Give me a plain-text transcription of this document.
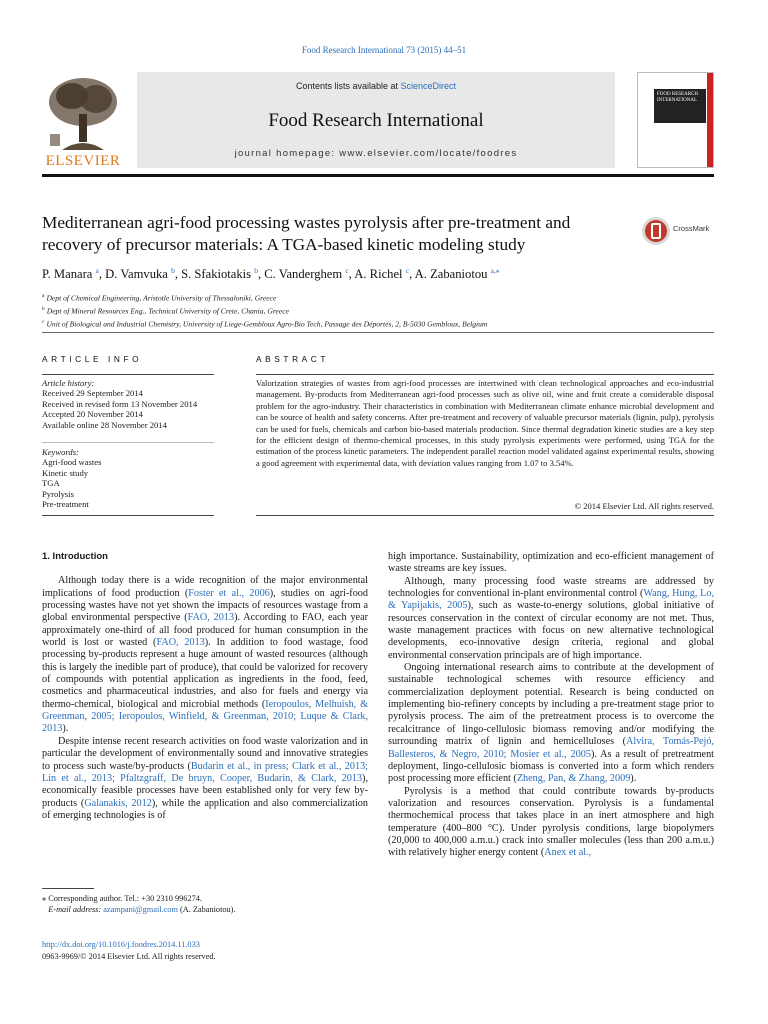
Food Research International 73 (2015) 44–51
ELSEVIER
Contents lists available at ScienceDirect
Food Research International
journal homepage: www.elsevier.com/locate/foodres
FOOD RESEARCH INTERNATIONAL
Mediterranean agri-food processing wastes pyrolysis after pre-treatment and recovery of precursor materials: A TGA-based kinetic modeling study
CrossMark
P. Manara $^a$, D. Vamvuka $^b$, S. Sfakiotakis $^b$, C. Vanderghem $^c$, A. Richel $^c$, A. Zabaniotou $^{a,⁎}$
$^a$ Dept of Chemical Engineering, Aristotle University of Thessaloniki, Greece
$^b$ Dept of Mineral Resources Eng., Technical University of Crete, Chania, Greece
$^c$ Unit of Biological and Industrial Chemistry, University of Liege-Gembloux Agro-Bio Tech, Passage des Déportés, 2, B-5030 Gembloux, Belgium
ARTICLE INFO	ABSTRACT
Article history:
Received 29 September 2014
Received in revised form 13 November 2014
Accepted 20 November 2014
Available online 28 November 2014
Keywords:
Agri-food wastes
Kinetic study
TGA
Pyrolysis
Pre-treatment
Valorization strategies of wastes from agri-food processes are intertwined with clean technological approaches and eco-industrial management. By-products from Mediterranean agri-food processes such as olive oil, wine and fruit create a considerable disposal problem for the agro-industry. Their characteristics in combination with Mediterranean climate enhance microbial development and can be source of health and safety concerns. After pre-treatment and recovery of valuable precursor materials (lignin, pulp), pyrolysis can be used for fuels, chemicals and carbon bio-based materials production. Since thermal degradation kinetic studies are a key step for the efficient design of thermo-chemical processes, in this study pyrolysis experiments were performed, using TGA for the estimation of the process kinetic parameters. The independent parallel reaction model validated against experimental results, showing a good agreement with experimental data, with deviation values ranging from 1.07 to 3.54%.
© 2014 Elsevier Ltd. All rights reserved.
1. Introduction

Although today there is a wide recognition of the major environmental implications of food production (Foster et al., 2006), studies on agri-food processing wastes have not yet shown the impacts of resources wastage from a global environmental perspective (FAO, 2013). According to FAO, each year approximately one-third of all food produced for human consumption in the world is lost or wasted (FAO, 2013). In addition to food wastage, food processing by-products represent a huge amount of wasted resources (although this is largely the inedible part of produce), that could be valorized for recovery of compounds with potential application as ingredients in the food, feed, cosmetics and pharmaceutical industries, and also for fuels and energy via thermo-chemical, biological and microbial methods (Ieropoulos, Melhuish, & Greenman, 2005; Ieropoulos, Winfield, & Greenman, 2010; Luque & Clark, 2013).

Despite intense recent research activities on food waste valorization and in particular the development of environmentally sound and innovative strategies to process such waste/by-products (Budarin et al., in press; Clark et al., 2013; Lin et al., 2013; Pfaltzgraff, De bruyn, Cooper, Budarin, & Clark, 2013), economically feasible processes have been established only for very few by-products (Galanakis, 2012), while the application and also commercialization of emerging technologies is of

high importance. Sustainability, optimization and eco-efficient management of waste streams are key issues.

Although, many processing food waste streams are addressed by technologies for conventional in-plant environmental control (Wang, Hung, Lo, & Yapijakis, 2005), such as waste-to-energy solutions, global initiative of resources conservation in the context of circular economy are not met. Thus, waste management practices with focus on new alternative technological developments, eco-innovative design criteria, regional and global environmental conservation principals are of high importance.

Ongoing international research aims to contribute at the development of sustainable technological schemes with resource efficiency and commercialization deployment potential. Research is being conducted on implementing bio-refinery concepts by including a pre-treatment stage prior to pyrolysis process. The aim of the pretreatment process is to overcome the recalcitrance of lingo-cellulosic biomass removing and/or modifying the surrounding matrix of lignin and hemicelluloses (Alvira, Tomás-Pejó, Ballesteros, & Negro, 2010; Mosier et al., 2005). As a result of pretreatment deployment, lingo-cellulosic biomass is converted into a form which renders post processing more efficient (Zheng, Pan, & Zhang, 2009).

Pyrolysis is a method that could contribute towards by-products valorization and resources conservation. Pyrolysis is a fundamental thermochemical process that takes place in an inert atmosphere and high temperature (400–800 °C). Under pyrolysis conditions, large biopolymers (20,000 to 400,000 a.m.u.) crack into smaller molecules (less than 200 a.m.u.) with relatively higher energy content (Anex et al.,

⁎ Corresponding author. Tel.: +30 2310 996274.
E-mail address: azampani@gmail.com (A. Zabaniotou).
http://dx.doi.org/10.1016/j.foodres.2014.11.033
0963-9969/© 2014 Elsevier Ltd. All rights reserved.
